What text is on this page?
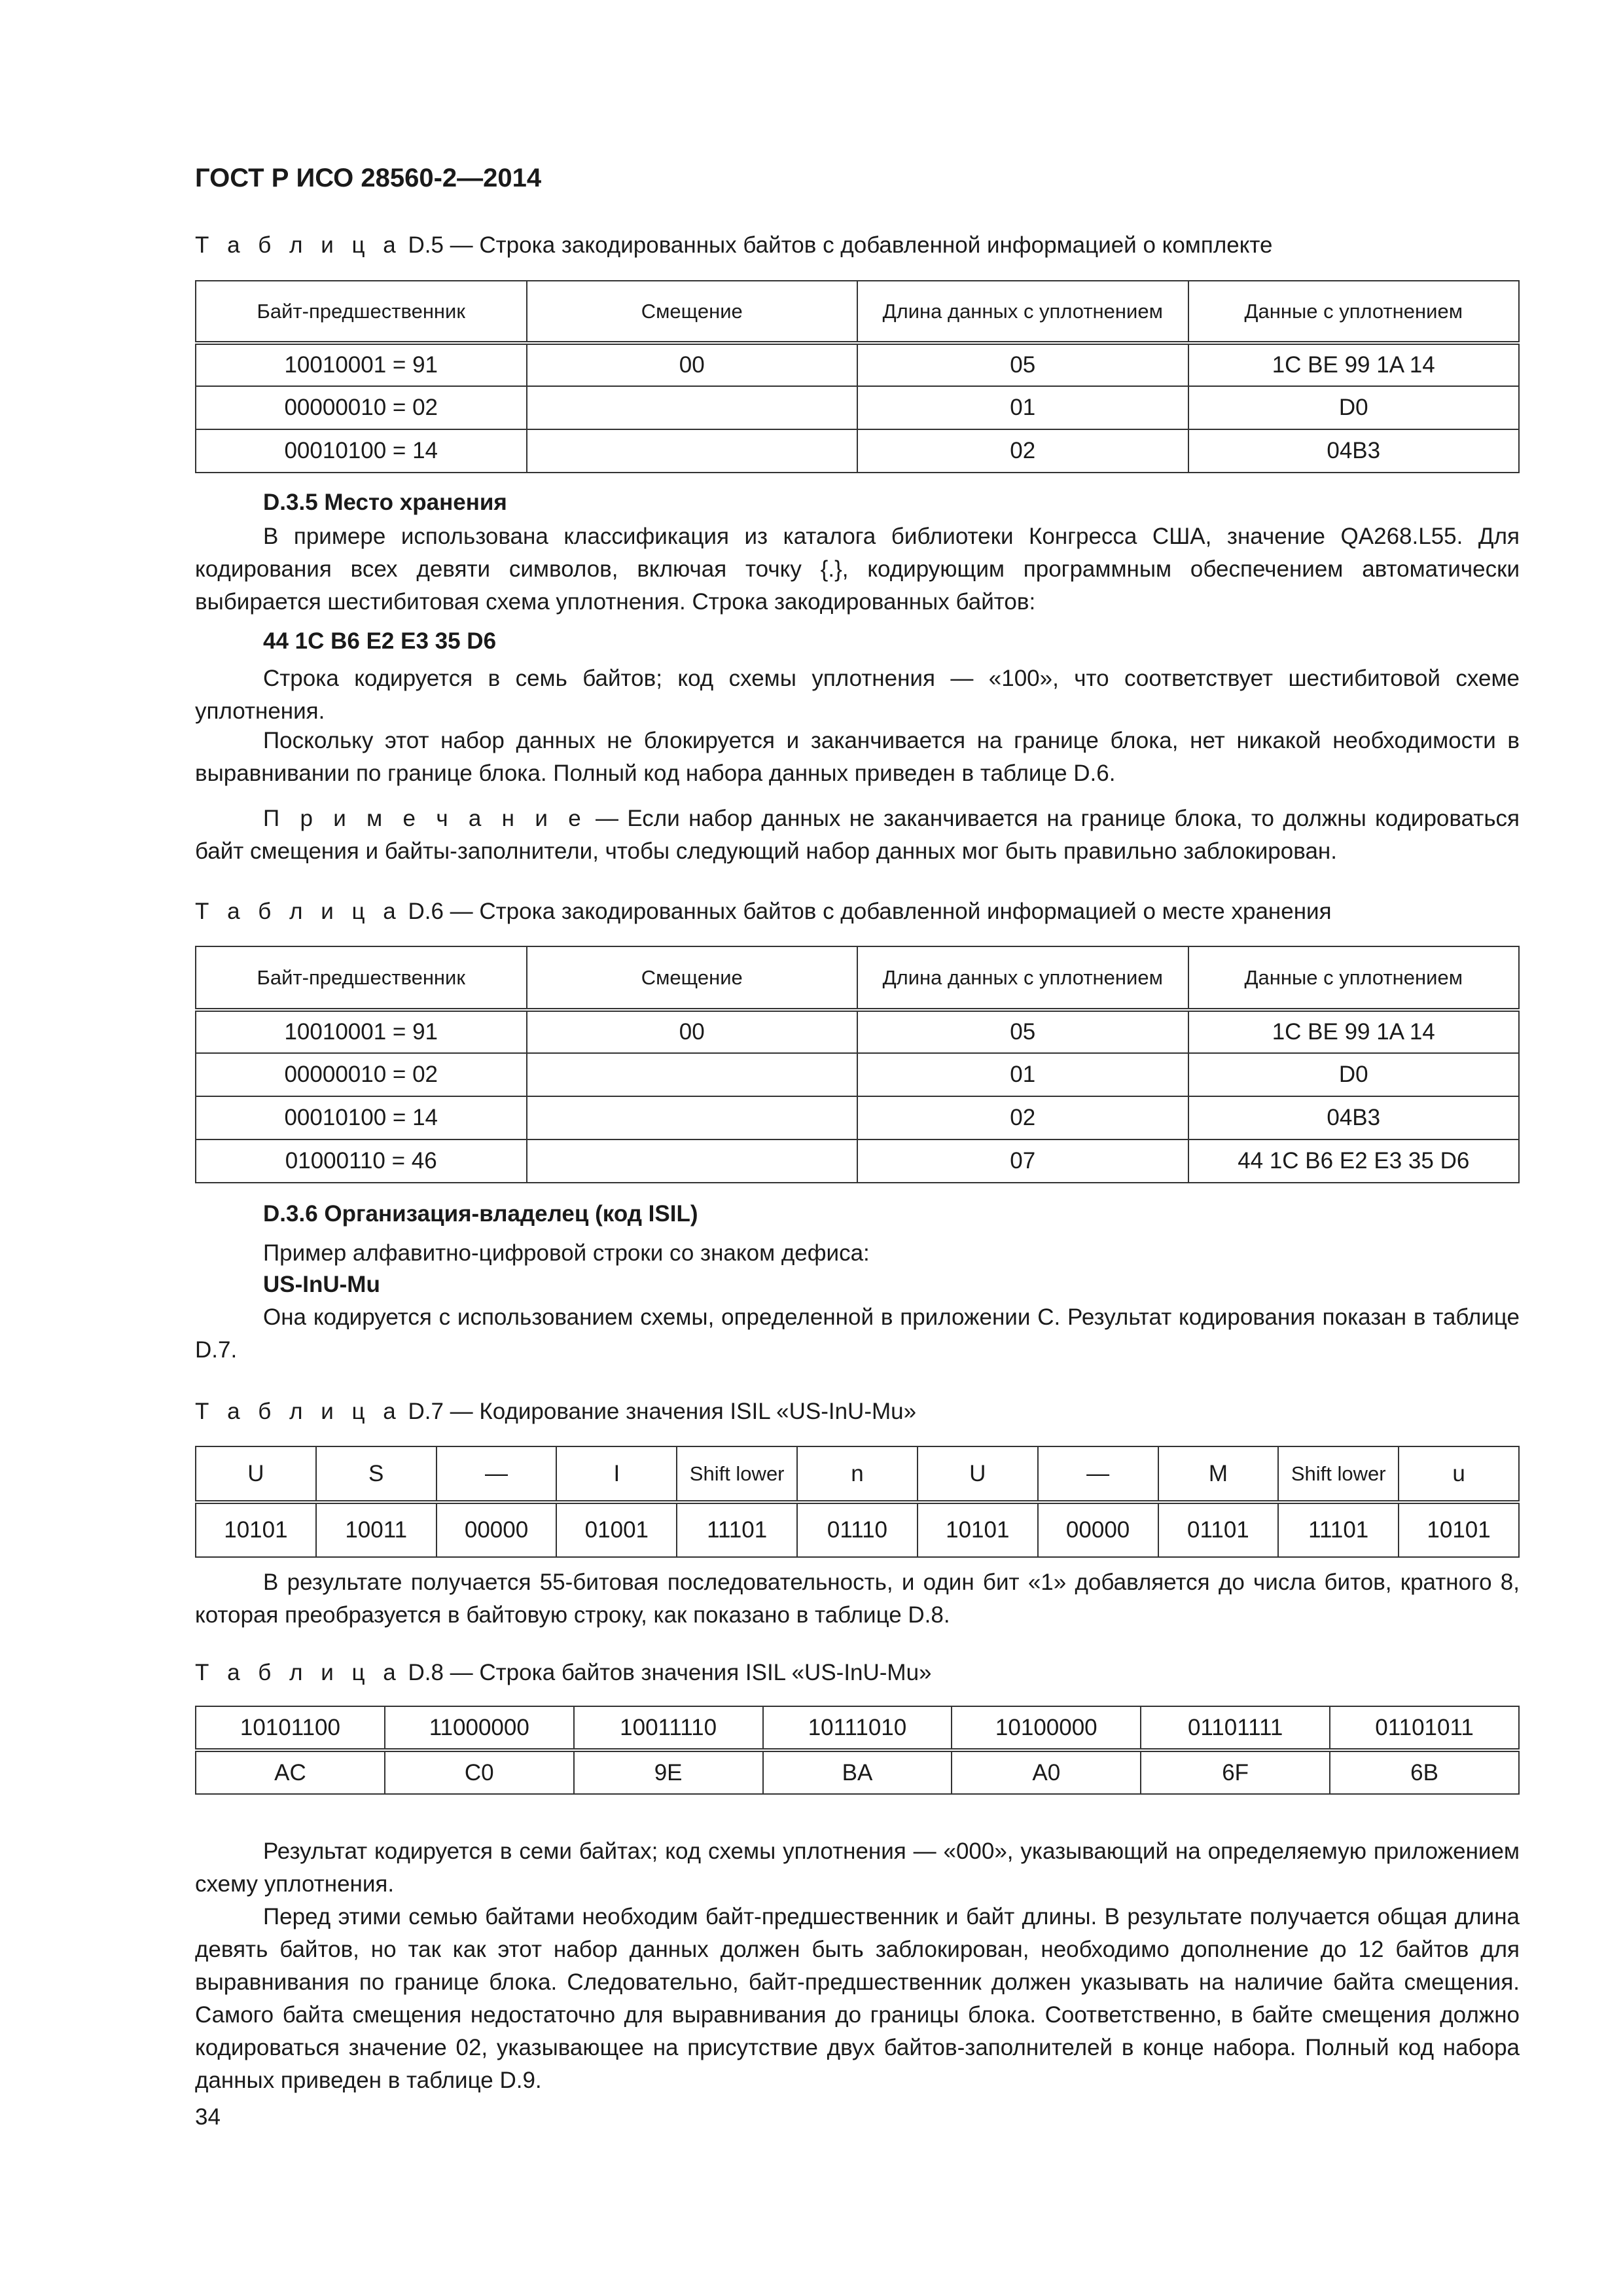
ГОСТ Р ИСО 28560-2—2014
Т а б л и ц а D.5 — Строка закодированных байтов с добавленной информацией о комплекте
Байт-предшественник	Смещение	Длина данных с уплотнением	Данные с уплотнением
10010001 = 91	00	05	1C BE 99 1A 14
00000010 = 02		01	D0
00010100 = 14		02	04B3
D.3.5 Место хранения

В примере использована классификация из каталога библиотеки Конгресса США, значение QA268.L55. Для кодирования всех девяти символов, включая точку {.}, кодирующим программным обеспечением автоматически выбирается шестибитовая схема уплотнения. Строка закодированных байтов:

44 1C B6 E2 E3 35 D6

Строка кодируется в семь байтов; код схемы уплотнения — «100», что соответствует шестибитовой схеме уплотнения.

Поскольку этот набор данных не блокируется и заканчивается на границе блока, нет никакой необходимости в выравнивании по границе блока. Полный код набора данных приведен в таблице D.6.

П р и м е ч а н и е — Если набор данных не заканчивается на границе блока, то должны кодироваться байт смещения и байты-заполнители, чтобы следующий набор данных мог быть правильно заблокирован.

Т а б л и ц а D.6 — Строка закодированных байтов с добавленной информацией о месте хранения
Байт-предшественник	Смещение	Длина данных с уплотнением	Данные с уплотнением
10010001 = 91	00	05	1C BE 99 1A 14
00000010 = 02		01	D0
00010100 = 14		02	04B3
01000110 = 46		07	44 1C B6 E2 E3 35 D6
D.3.6 Организация-владелец (код ISIL)

Пример алфавитно-цифровой строки со знаком дефиса:

US-InU-Mu

Она кодируется с использованием схемы, определенной в приложении С. Результат кодирования показан в таблице D.7.

Т а б л и ц а D.7 — Кодирование значения ISIL «US-InU-Mu»
U	S	—	I	Shift lower	n	U	—	M	Shift lower	u
10101	10011	00000	01001	11101	01110	10101	00000	01101	11101	10101

В результате получается 55-битовая последовательность, и один бит «1» добавляется до числа битов, кратного 8, которая преобразуется в байтовую строку, как показано в таблице D.8.

Т а б л и ц а D.8 — Строка байтов значения ISIL «US-InU-Mu»
10101100	11000000	10011110	10111010	10100000	01101111	01101011
AC	C0	9E	BA	A0	6F	6B

Результат кодируется в семи байтах; код схемы уплотнения — «000», указывающий на определяемую приложением схему уплотнения.

Перед этими семью байтами необходим байт-предшественник и байт длины. В результате получается общая длина девять байтов, но так как этот набор данных должен быть заблокирован, необходимо дополнение до 12 байтов для выравнивания по границе блока. Следовательно, байт-предшественник должен указывать на наличие байта смещения. Самого байта смещения недостаточно для выравнивания до границы блока. Соответственно, в байте смещения должно кодироваться значение 02, указывающее на присутствие двух байтов-заполнителей в конце набора. Полный код набора данных приведен в таблице D.9.

34
